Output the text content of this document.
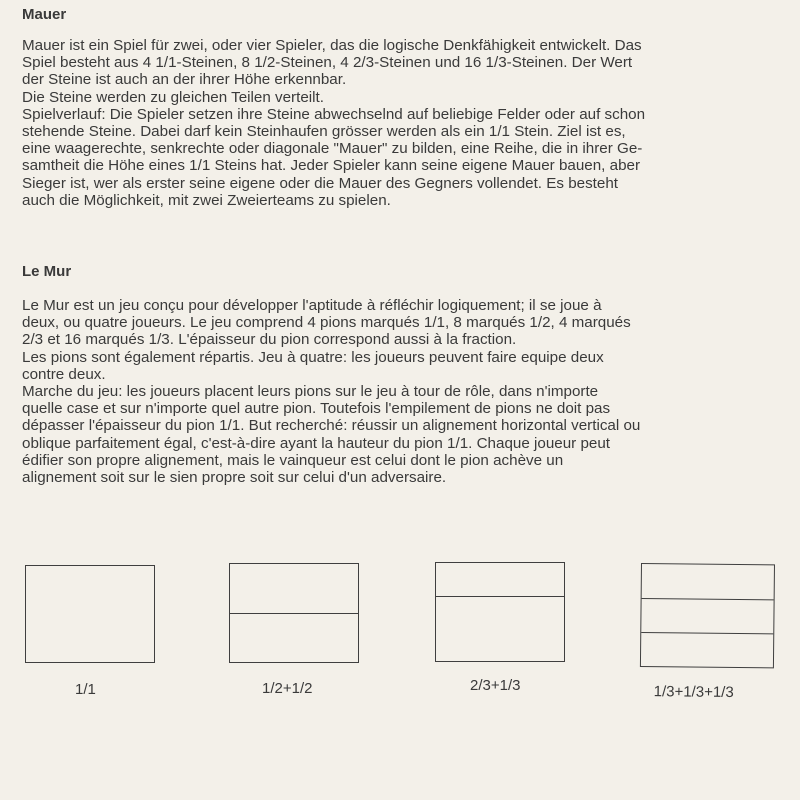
Mauer

Mauer ist ein Spiel für zwei, oder vier Spieler, das die logische Denkfähigkeit entwickelt. Das
Spiel besteht aus 4 1/1-Steinen, 8 1/2-Steinen, 4 2/3-Steinen und 16 1/3-Steinen. Der Wert
der Steine ist auch an der ihrer Höhe erkennbar.
Die Steine werden zu gleichen Teilen verteilt.
Spielverlauf: Die Spieler setzen ihre Steine abwechselnd auf beliebige Felder oder auf schon
stehende Steine. Dabei darf kein Steinhaufen grösser werden als ein 1/1 Stein. Ziel ist es,
eine waagerechte, senkrechte oder diagonale "Mauer" zu bilden, eine Reihe, die in ihrer Ge-
samtheit die Höhe eines 1/1 Steins hat. Jeder Spieler kann seine eigene Mauer bauen, aber
Sieger ist, wer als erster seine eigene oder die Mauer des Gegners vollendet. Es besteht
auch die Möglichkeit, mit zwei Zweierteams zu spielen.

Le Mur

Le Mur est un jeu conçu pour développer l'aptitude à réfléchir logiquement; il se joue à
deux, ou quatre joueurs. Le jeu comprend 4 pions marqués 1/1, 8 marqués 1/2, 4 marqués
2/3 et 16 marqués 1/3. L'épaisseur du pion correspond aussi à la fraction.
Les pions sont également répartis. Jeu à quatre: les joueurs peuvent faire equipe deux
contre deux.
Marche du jeu: les joueurs placent leurs pions sur le jeu à tour de rôle, dans n'importe
quelle case et sur n'importe quel autre pion. Toutefois l'empilement de pions ne doit pas
dépasser l'épaisseur du pion 1/1. But recherché: réussir un alignement horizontal vertical ou
oblique parfaitement égal, c'est-à-dire ayant la hauteur du pion 1/1. Chaque joueur peut
édifier son propre alignement, mais le vainqueur est celui dont le pion achève un
alignement soit sur le sien propre soit sur celui d'un adversaire.

1/1	1/2+1/2	2/3+1/3	1/3+1/3+1/3
